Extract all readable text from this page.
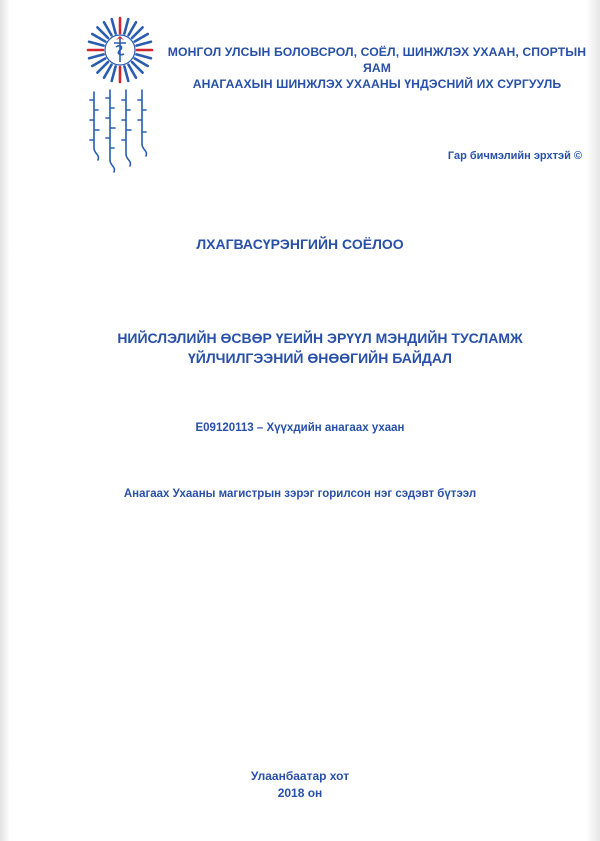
МОНГОЛ УЛСЫН БОЛОВСРОЛ, СОЁЛ, ШИНЖЛЭХ УХААН, СПОРТЫН ЯАМ
АНАГААХЫН ШИНЖЛЭХ УХААНЫ ҮНДЭСНИЙ ИХ СУРГУУЛЬ
Гар бичмэлийн эрхтэй ©
ЛХАГВАСҮРЭНГИЙН СОЁЛОО
НИЙСЛЭЛИЙН ӨСВӨР ҮЕИЙН ЭРҮҮЛ МЭНДИЙН ТУСЛАМЖ
ҮЙЛЧИЛГЭЭНИЙ ӨНӨӨГИЙН БАЙДАЛ
E09120113 – Хүүхдийн анагаах ухаан
Анагаах Ухааны магистрын зэрэг горилсон нэг сэдэвт бүтээл
Улаанбаатар хот
2018 он
